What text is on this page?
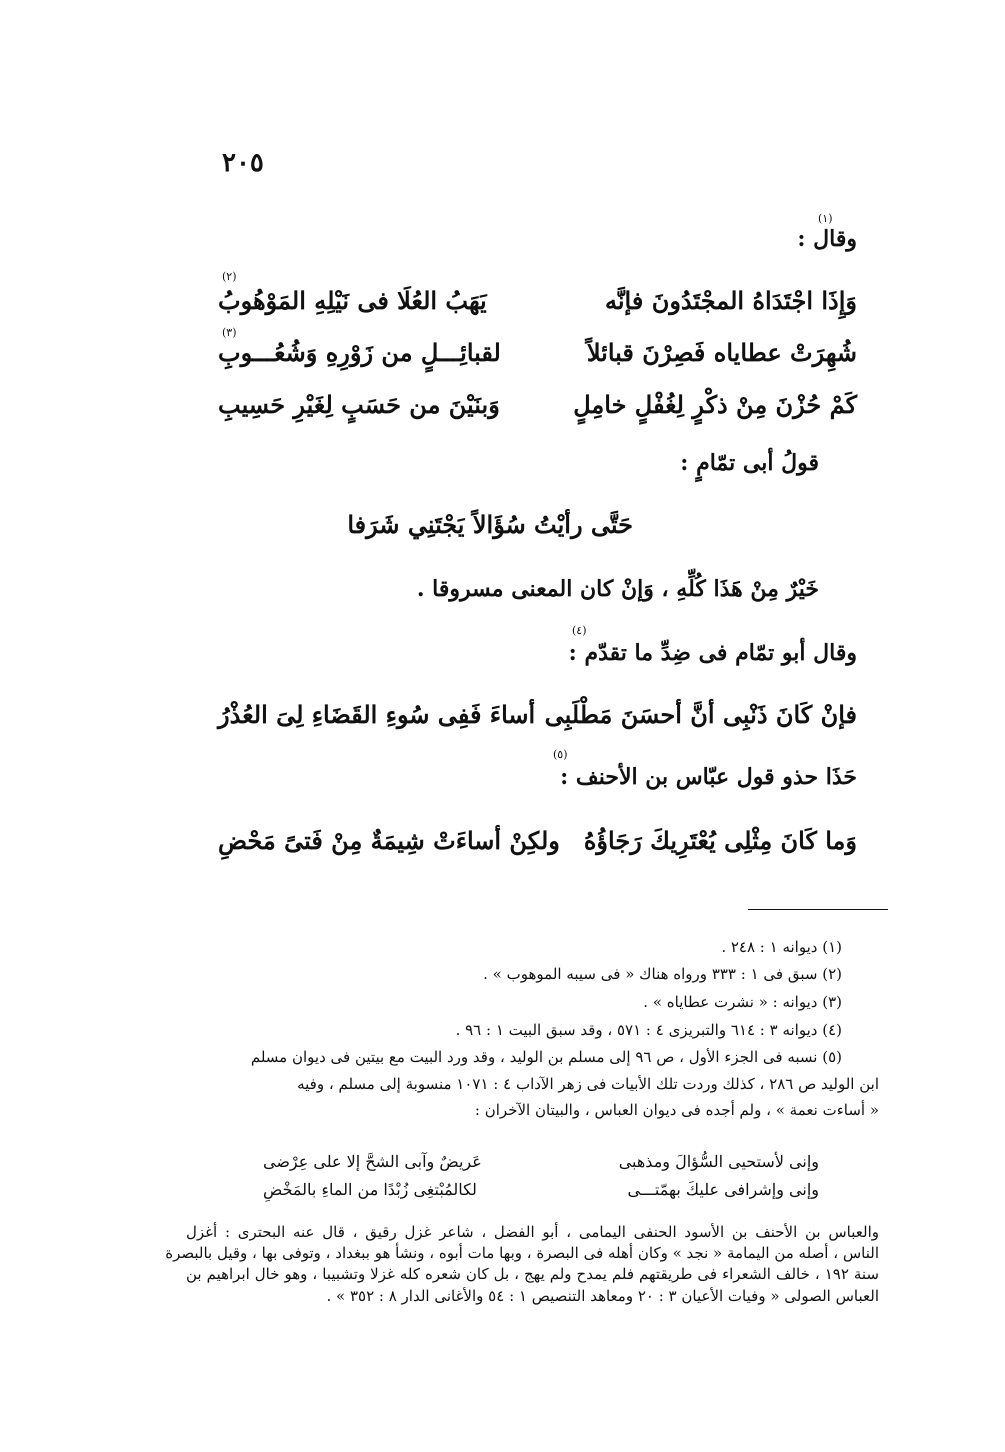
٢٠٥
وقال :
(١)
وَإِذَا اجْتَدَاهُ المجْتَدُونَ فإنَّه
يَهَبُ العُلَا فى نَيْلِهِ المَوْهُوبُ
(٢)
شُهِرَتْ عطاياه فَصِرْنَ قبائلاً
لقبائِـــلٍ من زَوْرِهِ وَشُعُـــوبِ
(٣)
كَمْ حُزْنَ مِنْ ذكْرٍ لِغُفْلٍ خامِلٍ
وَبنَيْنَ من حَسَبٍ لِغَيْرِ حَسِيبِ
قولُ أبى تمّامٍ :
حَتَّى رأيْتُ سُؤَالاً يَجْتَنِي شَرَفا
خَيْرٌ مِنْ هَذَا كُلِّهِ ، وَإنْ كان المعنى مسروقا .
وقال أبو تمّام فى ضِدِّ ما تقدّم :
(٤)
فإنْ كَانَ ذَنْبِى أنَّ أحسَنَ مَطْلَبِى
أساءَ فَفِى سُوءِ القَضَاءِ لِىَ العُذْرُ
حَذَا حذو قول عبّاس بن الأحنف :
(٥)
وَما كَانَ مِثْلِى يُعْتَرِيكَ رَجَاؤُهُ
ولكِنْ أساءَتْ شِيمَةٌ مِنْ فَتىً مَحْضِ
(١) ديوانه ١ : ٢٤٨ .
(٢) سبق فى ١ : ٣٣٣ ورواه هناك « فى سيبه الموهوب » .
(٣) ديوانه : « نشرت عطاياه » .
(٤) ديوانه ٣ : ٦١٤ والتبريزى ٤ : ٥٧١ ، وقد سبق البيت ١ : ٩٦ .
(٥) نسبه فى الجزء الأول ، ص ٩٦ إلى مسلم بن الوليد ، وقد ورد البيت مع بيتين فى ديوان مسلم
ابن الوليد ص ٢٨٦ ، كذلك وردت تلك الأبيات فى زهر الآداب ٤ : ١٠٧١ منسوبة إلى مسلم ، وفيه
« أساءت نعمة » ، ولم أجده فى ديوان العباس ، والبيتان الآخران :
وإنى لأستحيى السُّؤالَ ومذهبى
عَريضٌ وآبى الشحَّ إلا على عِرْضى
وإنى وإشرافى عليكَ بهمّتـــى
لكالمُبْتغِى زُبْدًا من الماءِ بالمَخْضِ
والعباس بن الأحنف بن الأسود الحنفى اليمامى ، أبو الفضل ، شاعر غزل رقيق ، قال عنه البحترى : أغزل
الناس ، أصله من اليمامة « نجد » وكان أهله فى البصرة ، وبها مات أبوه ، ونشأ هو ببغداد ، وتوفى بها ، وقيل بالبصرة
سنة ١٩٢ ، خالف الشعراء فى طريقتهم فلم يمدح ولم يهج ، بل كان شعره كله غزلا وتشبيبا ، وهو خال ابراهيم بن
العباس الصولى « وفيات الأعيان ٣ : ٢٠ ومعاهد التنصيص ١ : ٥٤ والأغانى الدار ٨ : ٣٥٢ » .
